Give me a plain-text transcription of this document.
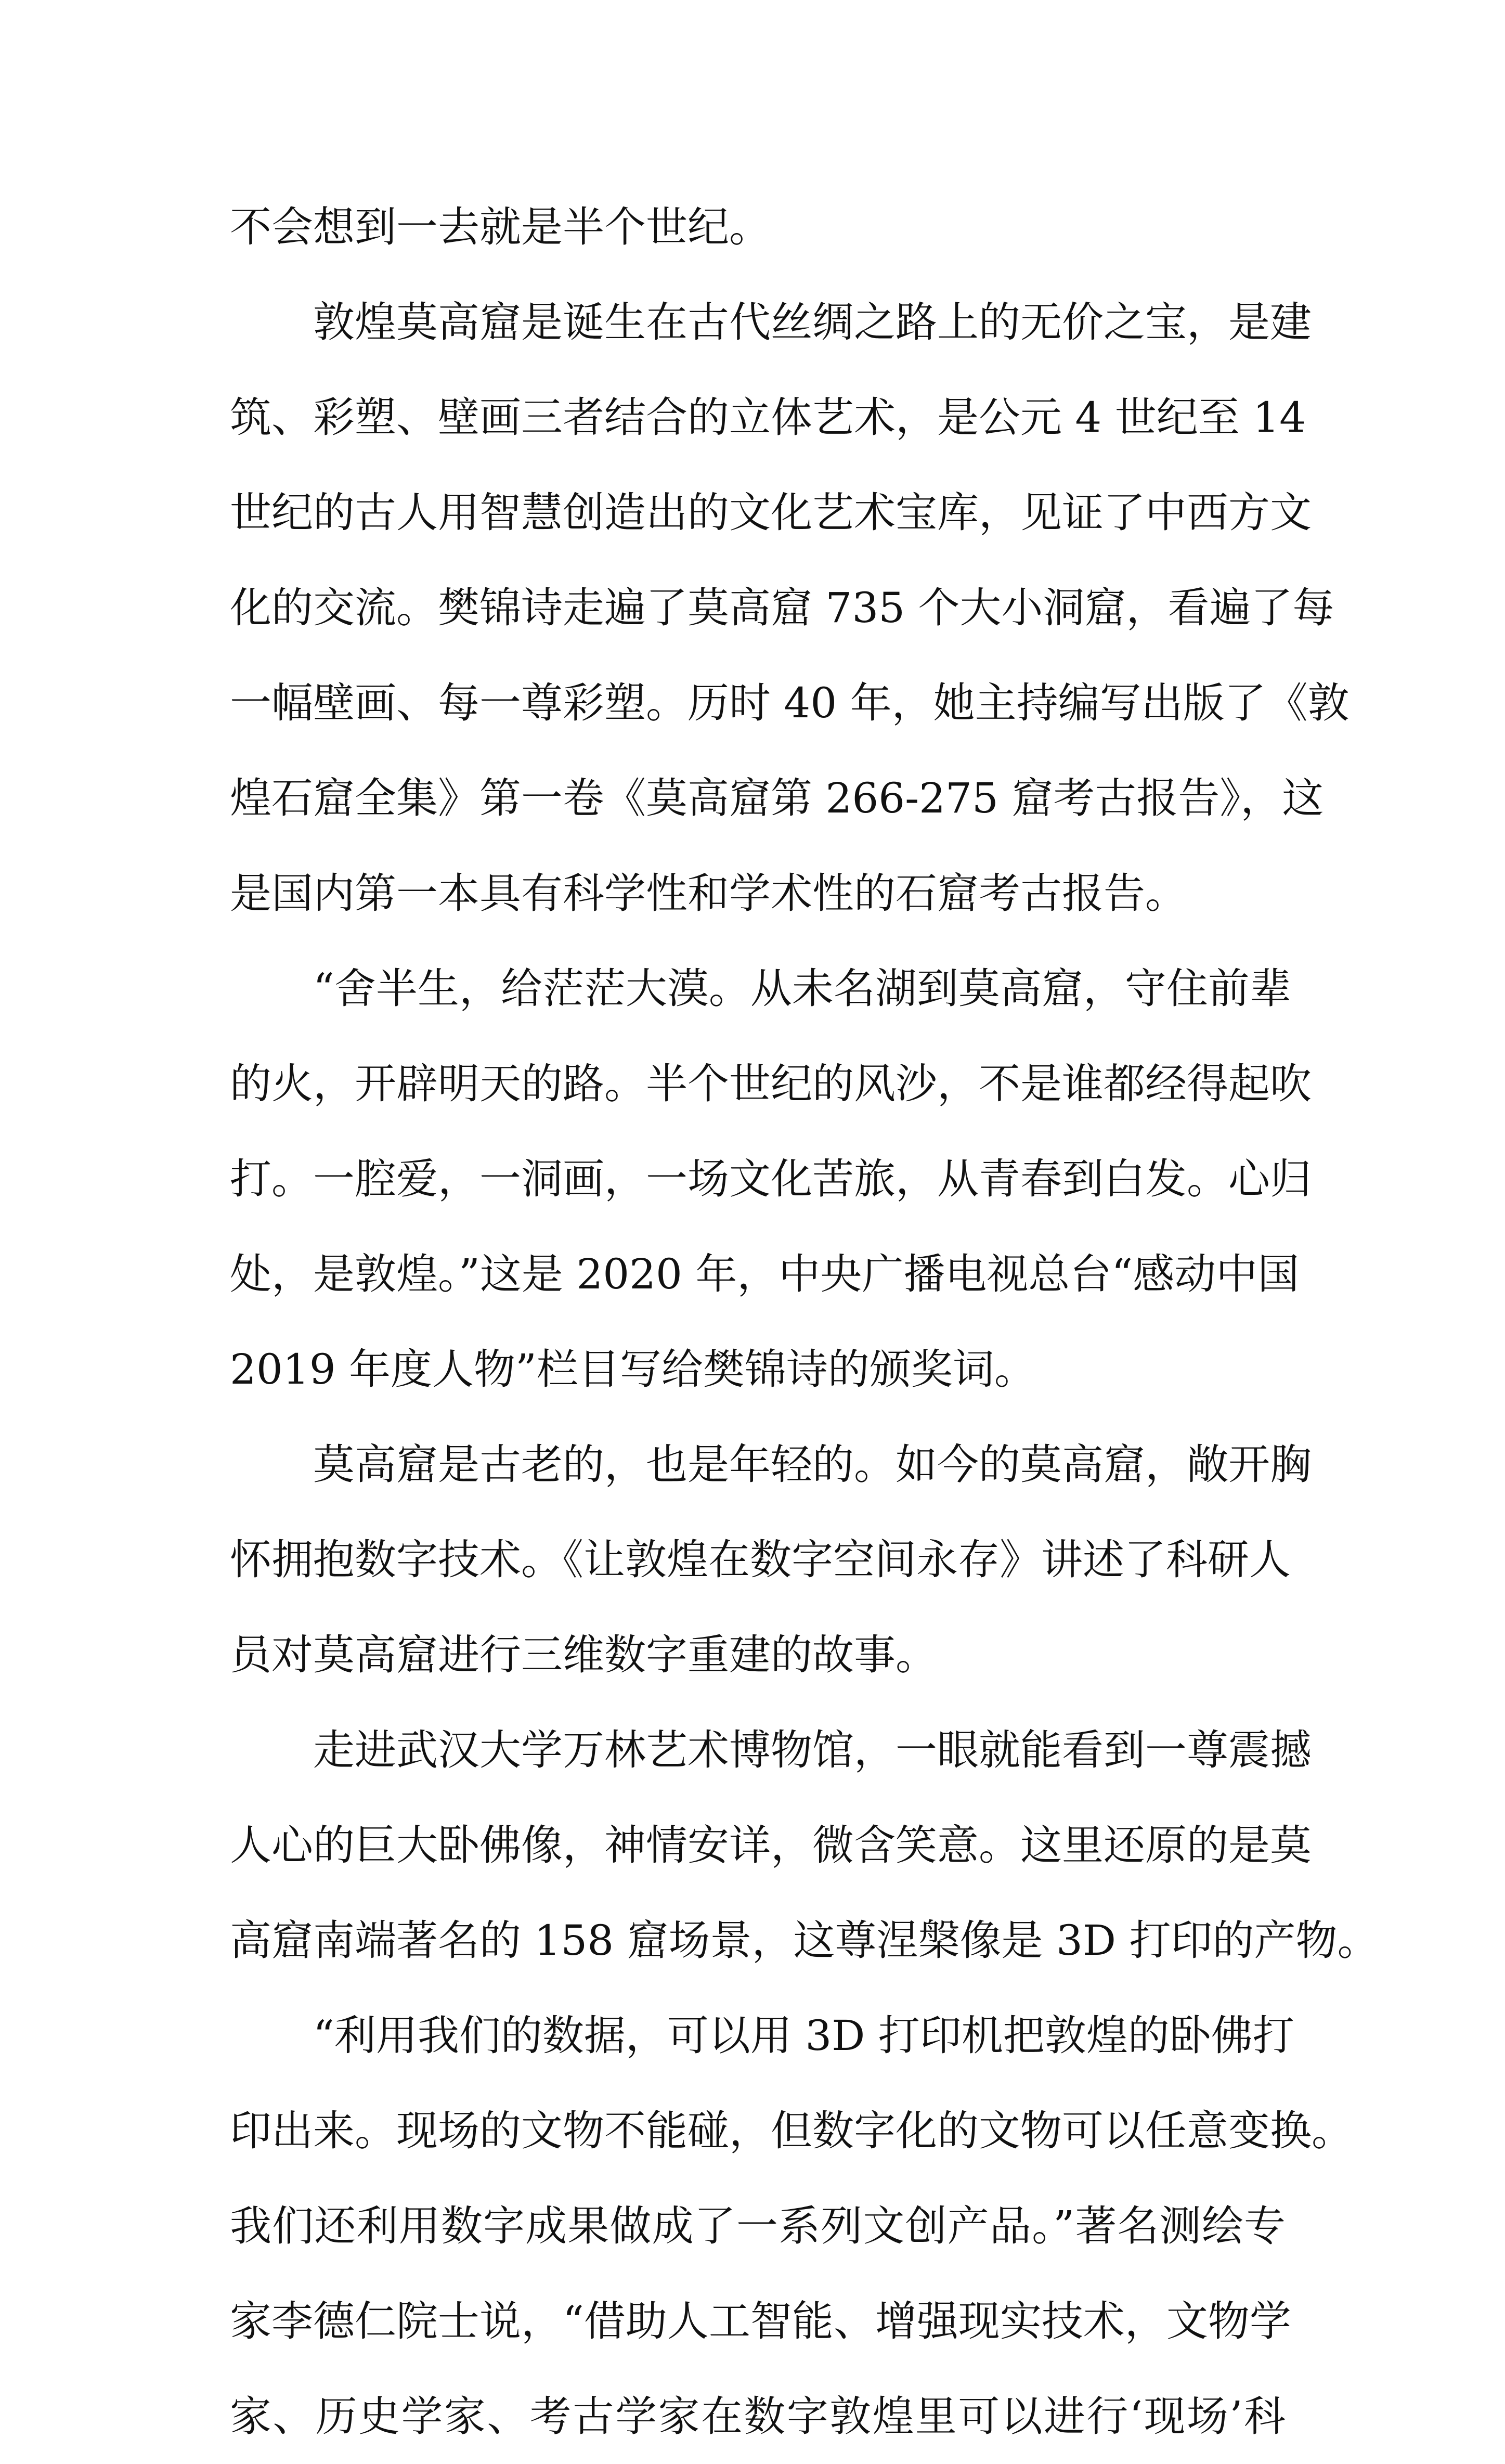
不会想到一去就是半个世纪。
敦煌莫高窟是诞生在古代丝绸之路上的无价之宝，是建
筑、彩塑、壁画三者结合的立体艺术，是公元 4 世纪至 14
世纪的古人用智慧创造出的文化艺术宝库，见证了中西方文
化的交流。樊锦诗走遍了莫高窟 735 个大小洞窟，看遍了每
一幅壁画、每一尊彩塑。历时 40 年，她主持编写出版了《敦
煌石窟全集》第一卷《莫高窟第 266-275 窟考古报告》，这
是国内第一本具有科学性和学术性的石窟考古报告。
“舍半生，给茫茫大漠。从未名湖到莫高窟，守住前辈
的火，开辟明天的路。半个世纪的风沙，不是谁都经得起吹
打。一腔爱，一洞画，一场文化苦旅，从青春到白发。心归
处，是敦煌。”这是 2020 年，中央广播电视总台“感动中国
2019 年度人物”栏目写给樊锦诗的颁奖词。
莫高窟是古老的，也是年轻的。如今的莫高窟，敞开胸
怀拥抱数字技术。《让敦煌在数字空间永存》讲述了科研人
员对莫高窟进行三维数字重建的故事。
走进武汉大学万林艺术博物馆，一眼就能看到一尊震撼
人心的巨大卧佛像，神情安详，微含笑意。这里还原的是莫
高窟南端著名的 158 窟场景，这尊涅槃像是 3D 打印的产物。
“利用我们的数据，可以用 3D 打印机把敦煌的卧佛打
印出来。现场的文物不能碰，但数字化的文物可以任意变换。
我们还利用数字成果做成了一系列文创产品。”著名测绘专
家李德仁院士说，“借助人工智能、增强现实技术，文物学
家、历史学家、考古学家在数字敦煌里可以进行‘现场’科
